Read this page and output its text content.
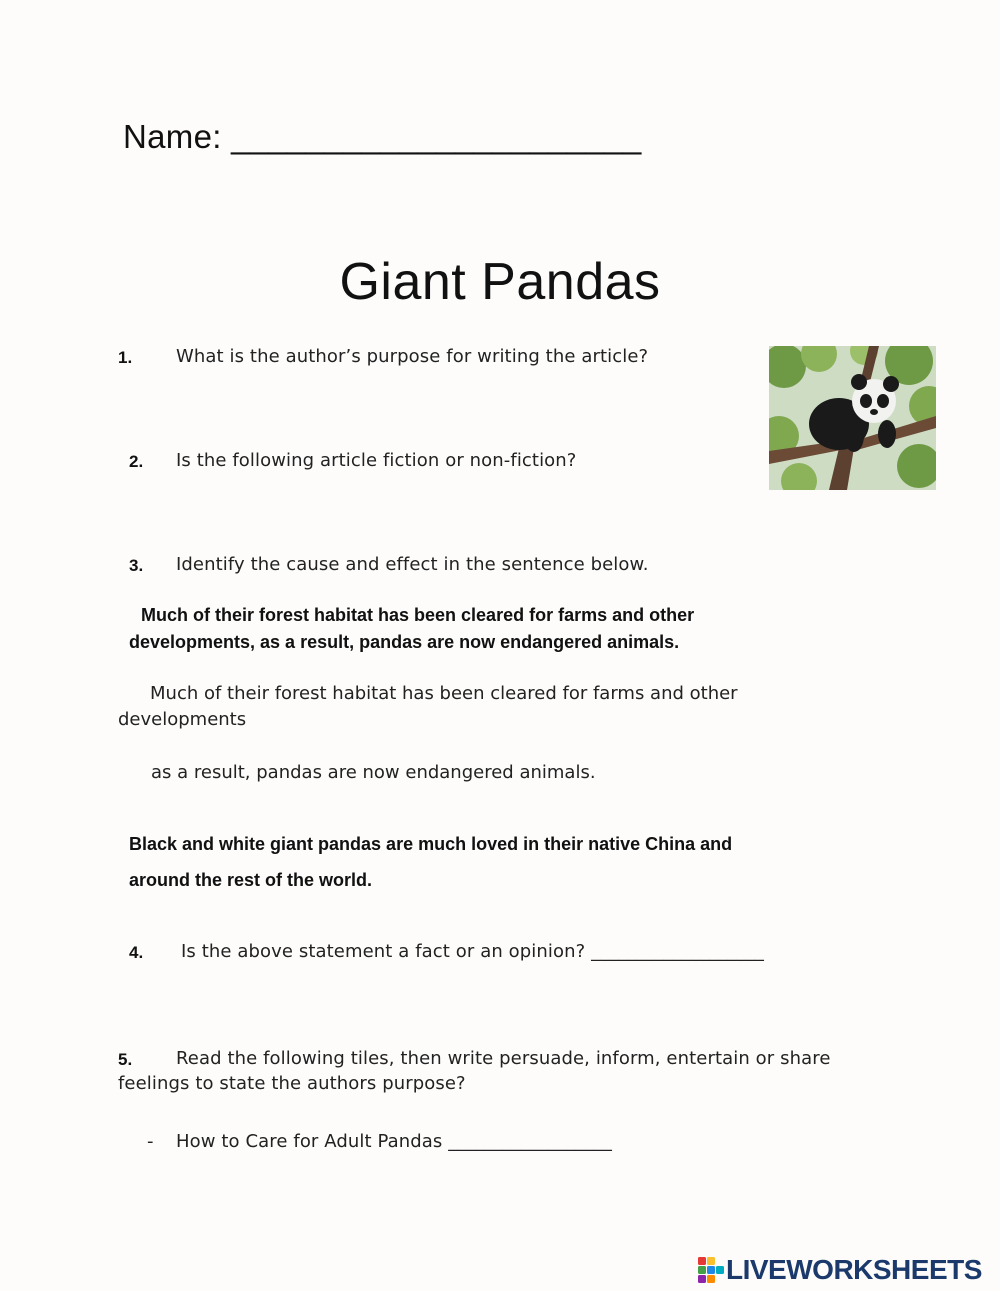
Name: ______________________
Giant Pandas
1. What is the author’s purpose for writing the article?
2. Is the following article fiction or non-fiction?
3. Identify the cause and effect in the sentence below.
Much of their forest habitat has been cleared for farms and other
developments, as a result, pandas are now endangered animals.
Much of their forest habitat has been cleared for farms and other
developments
as a result, pandas are now endangered animals.
Black and white giant pandas are much loved in their native China and
around the rest of the world.
4. Is the above statement a fact or an opinion? ___________________
5. Read the following tiles, then write persuade, inform, entertain or share
feelings to state the authors purpose?
- How to Care for Adult Pandas __________________
LIVEWORKSHEETS
